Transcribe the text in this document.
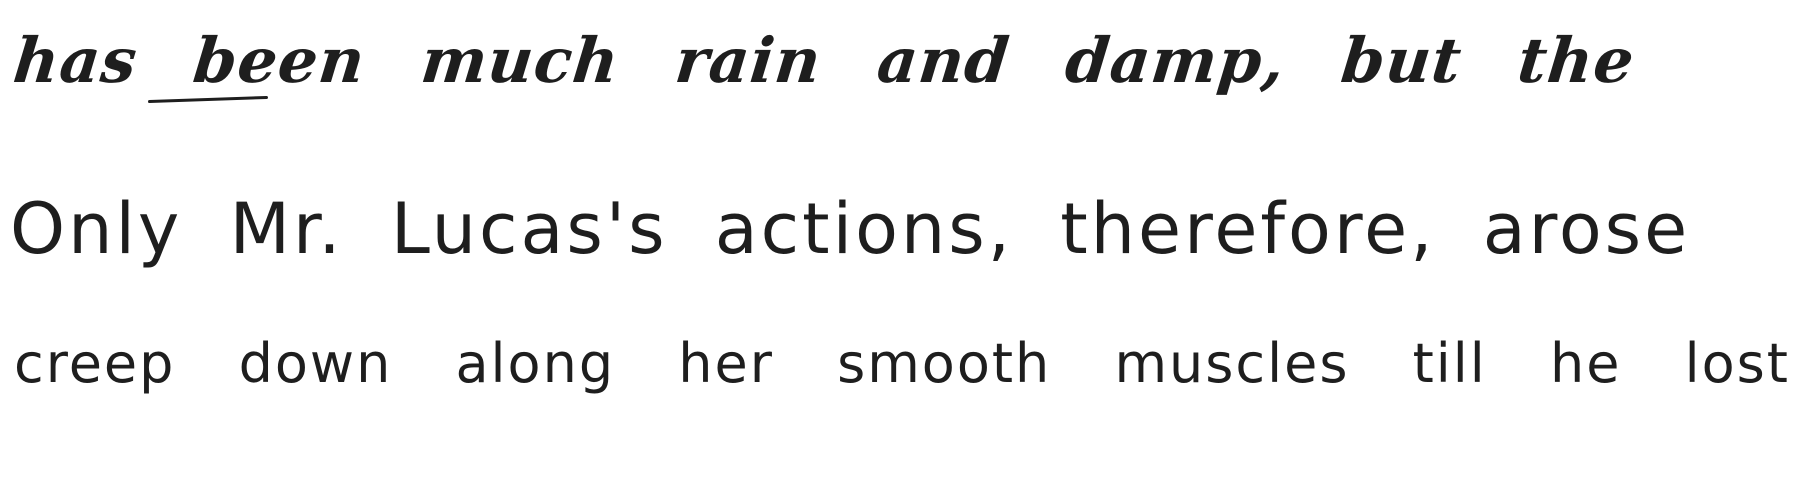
has been much rain and damp, but the
Only Mr. Lucas's actions, therefore, arose
creep down along her smooth muscles till he lost
